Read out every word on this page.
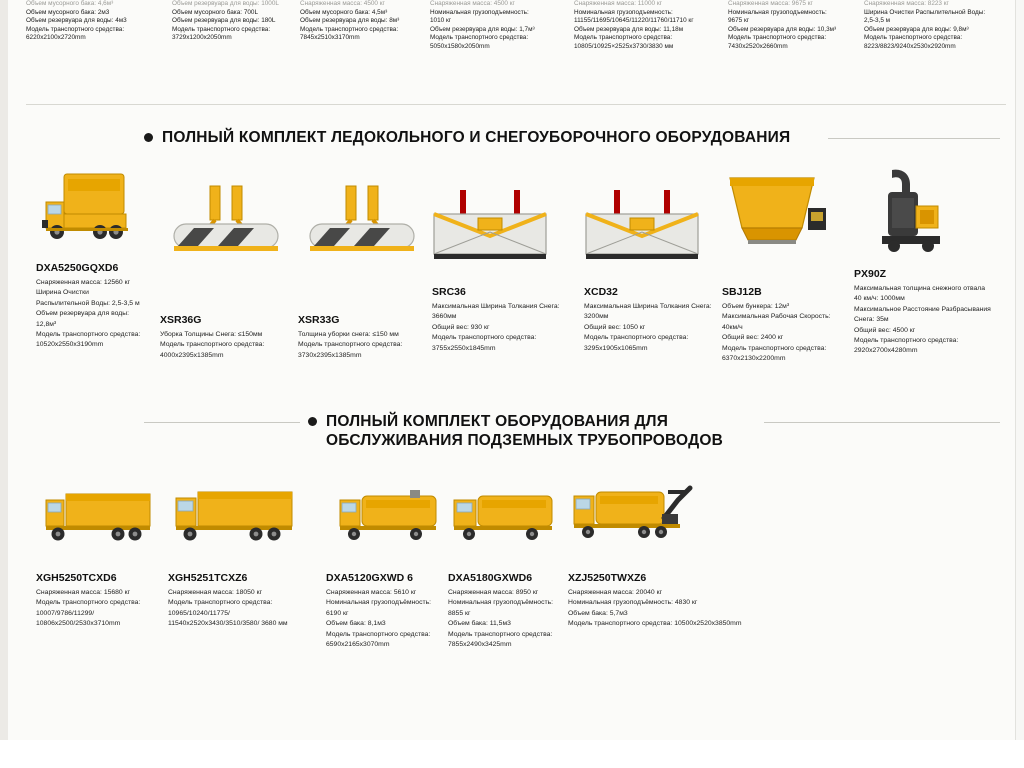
Объем мусорного бака: 4,6м³
Объем мусорного бака: 2м3
Объем резервуара для воды: 4м3
Модель транспортного средства:
6220x2100x2720mm
Объем резервуара для воды: 1000L
Объем мусорного бака: 700L
Объем резервуара для воды: 180L
Модель транспортного средства:
3729x1200x2050mm
Снаряженная масса: 4500 кг
Объем мусорного бака: 4,5м³
Объем резервуара для воды: 8м³
Модель транспортного средства:
7845x2510x3170mm
Снаряженная масса: 4500 кг
Номинальная грузоподъемность:
1010 кг
Объем резервуара для воды: 1,7м³
Модель транспортного средства:
5050x1580x2050mm
Снаряженная масса: 11000 кг
Номинальная грузоподъемность:
11155/11695/10645/11220/11760/11710 кг
Объем резервуара для воды: 11,18м
Модель транспортного средства:
10805/10925×2525x3730/3830 мм
Снаряженная масса: 9675 кг
Номинальная грузоподъемность:
9675 кг
Объем резервуара для воды: 10,3м³
Модель транспортного средства:
7430x2520x2660mm
Снаряженная масса: 8223 кг
Ширина Очистки Распылительной Воды:
2,5-3,5 м
Объем резервуара для воды: 9,8м³
Модель транспортного средства:
8223/8823/9240x2530x2920mm
ПОЛНЫЙ КОМПЛЕКТ ЛЕДОКОЛЬНОГО И СНЕГОУБОРОЧНОГО ОБОРУДОВАНИЯ
DXA5250GQXD6
Снаряженная масса: 12560 кг
Ширина Очистки
Распылительной Воды: 2,5-3,5 м
Объем резервуара для воды:
12,8м³
Модель транспортного средства:
10520x2550x3190mm
XSR36G
Уборка Толщины Снега: ≤150мм
Модель транспортного средства:
4000x2395x1385mm
XSR33G
Толщина уборки снега: ≤150 мм
Модель транспортного средства:
3730x2395x1385mm
SRC36
Максимальная Ширина Толкания Снега:
3660мм
Общий вес: 930 кг
Модель транспортного средства:
3755x2550x1845mm
XCD32
Максимальная Ширина Толкания Снега:
3200мм
Общий вес: 1050 кг
Модель транспортного средства:
3295x1905x1065mm
SBJ12B
Объем бункера: 12м³
Максимальная Рабочая Скорость:
40км/ч
Общий вес: 2400 кг
Модель транспортного средства:
6370x2130x2200mm
PX90Z
Максимальная толщина снежного отвала
40 км/ч: 1000мм
Максимальное Расстояние Разбрасывания
Снега: 35м
Общий вес: 4500 кг
Модель транспортного средства:
2920x2700x4280mm
ПОЛНЫЙ КОМПЛЕКТ ОБОРУДОВАНИЯ ДЛЯ
ОБСЛУЖИВАНИЯ ПОДЗЕМНЫХ ТРУБОПРОВОДОВ
XGH5250TCXD6
Снаряженная масса: 15680 кг
Модель транспортного средства:
10007/9786/11299/
10806x2500/2530x3710mm
XGH5251TCXZ6
Снаряженная масса: 18050 кг
Модель транспортного средства:
10965/10240/11775/
11540x2520x3430/3510/3580/ 3680 мм
DXA5120GXWD 6
Снаряженная масса: 5610 кг
Номинальная грузоподъёмность:
6190 кг
Объем бака: 8,1м3
Модель транспортного средства:
6590x2165x3070mm
DXA5180GXWD6
Снаряженная масса: 8950 кг
Номинальная грузоподъёмность:
8855 кг
Объем бака: 11,5м3
Модель транспортного средства:
7855x2490x3425mm
XZJ5250TWXZ6
Снаряженная масса: 20040 кг
Номинальная грузоподъёмность: 4830 кг
Объем бака: 5,7м3
Модель транспортного средства: 10500x2520x3850mm
